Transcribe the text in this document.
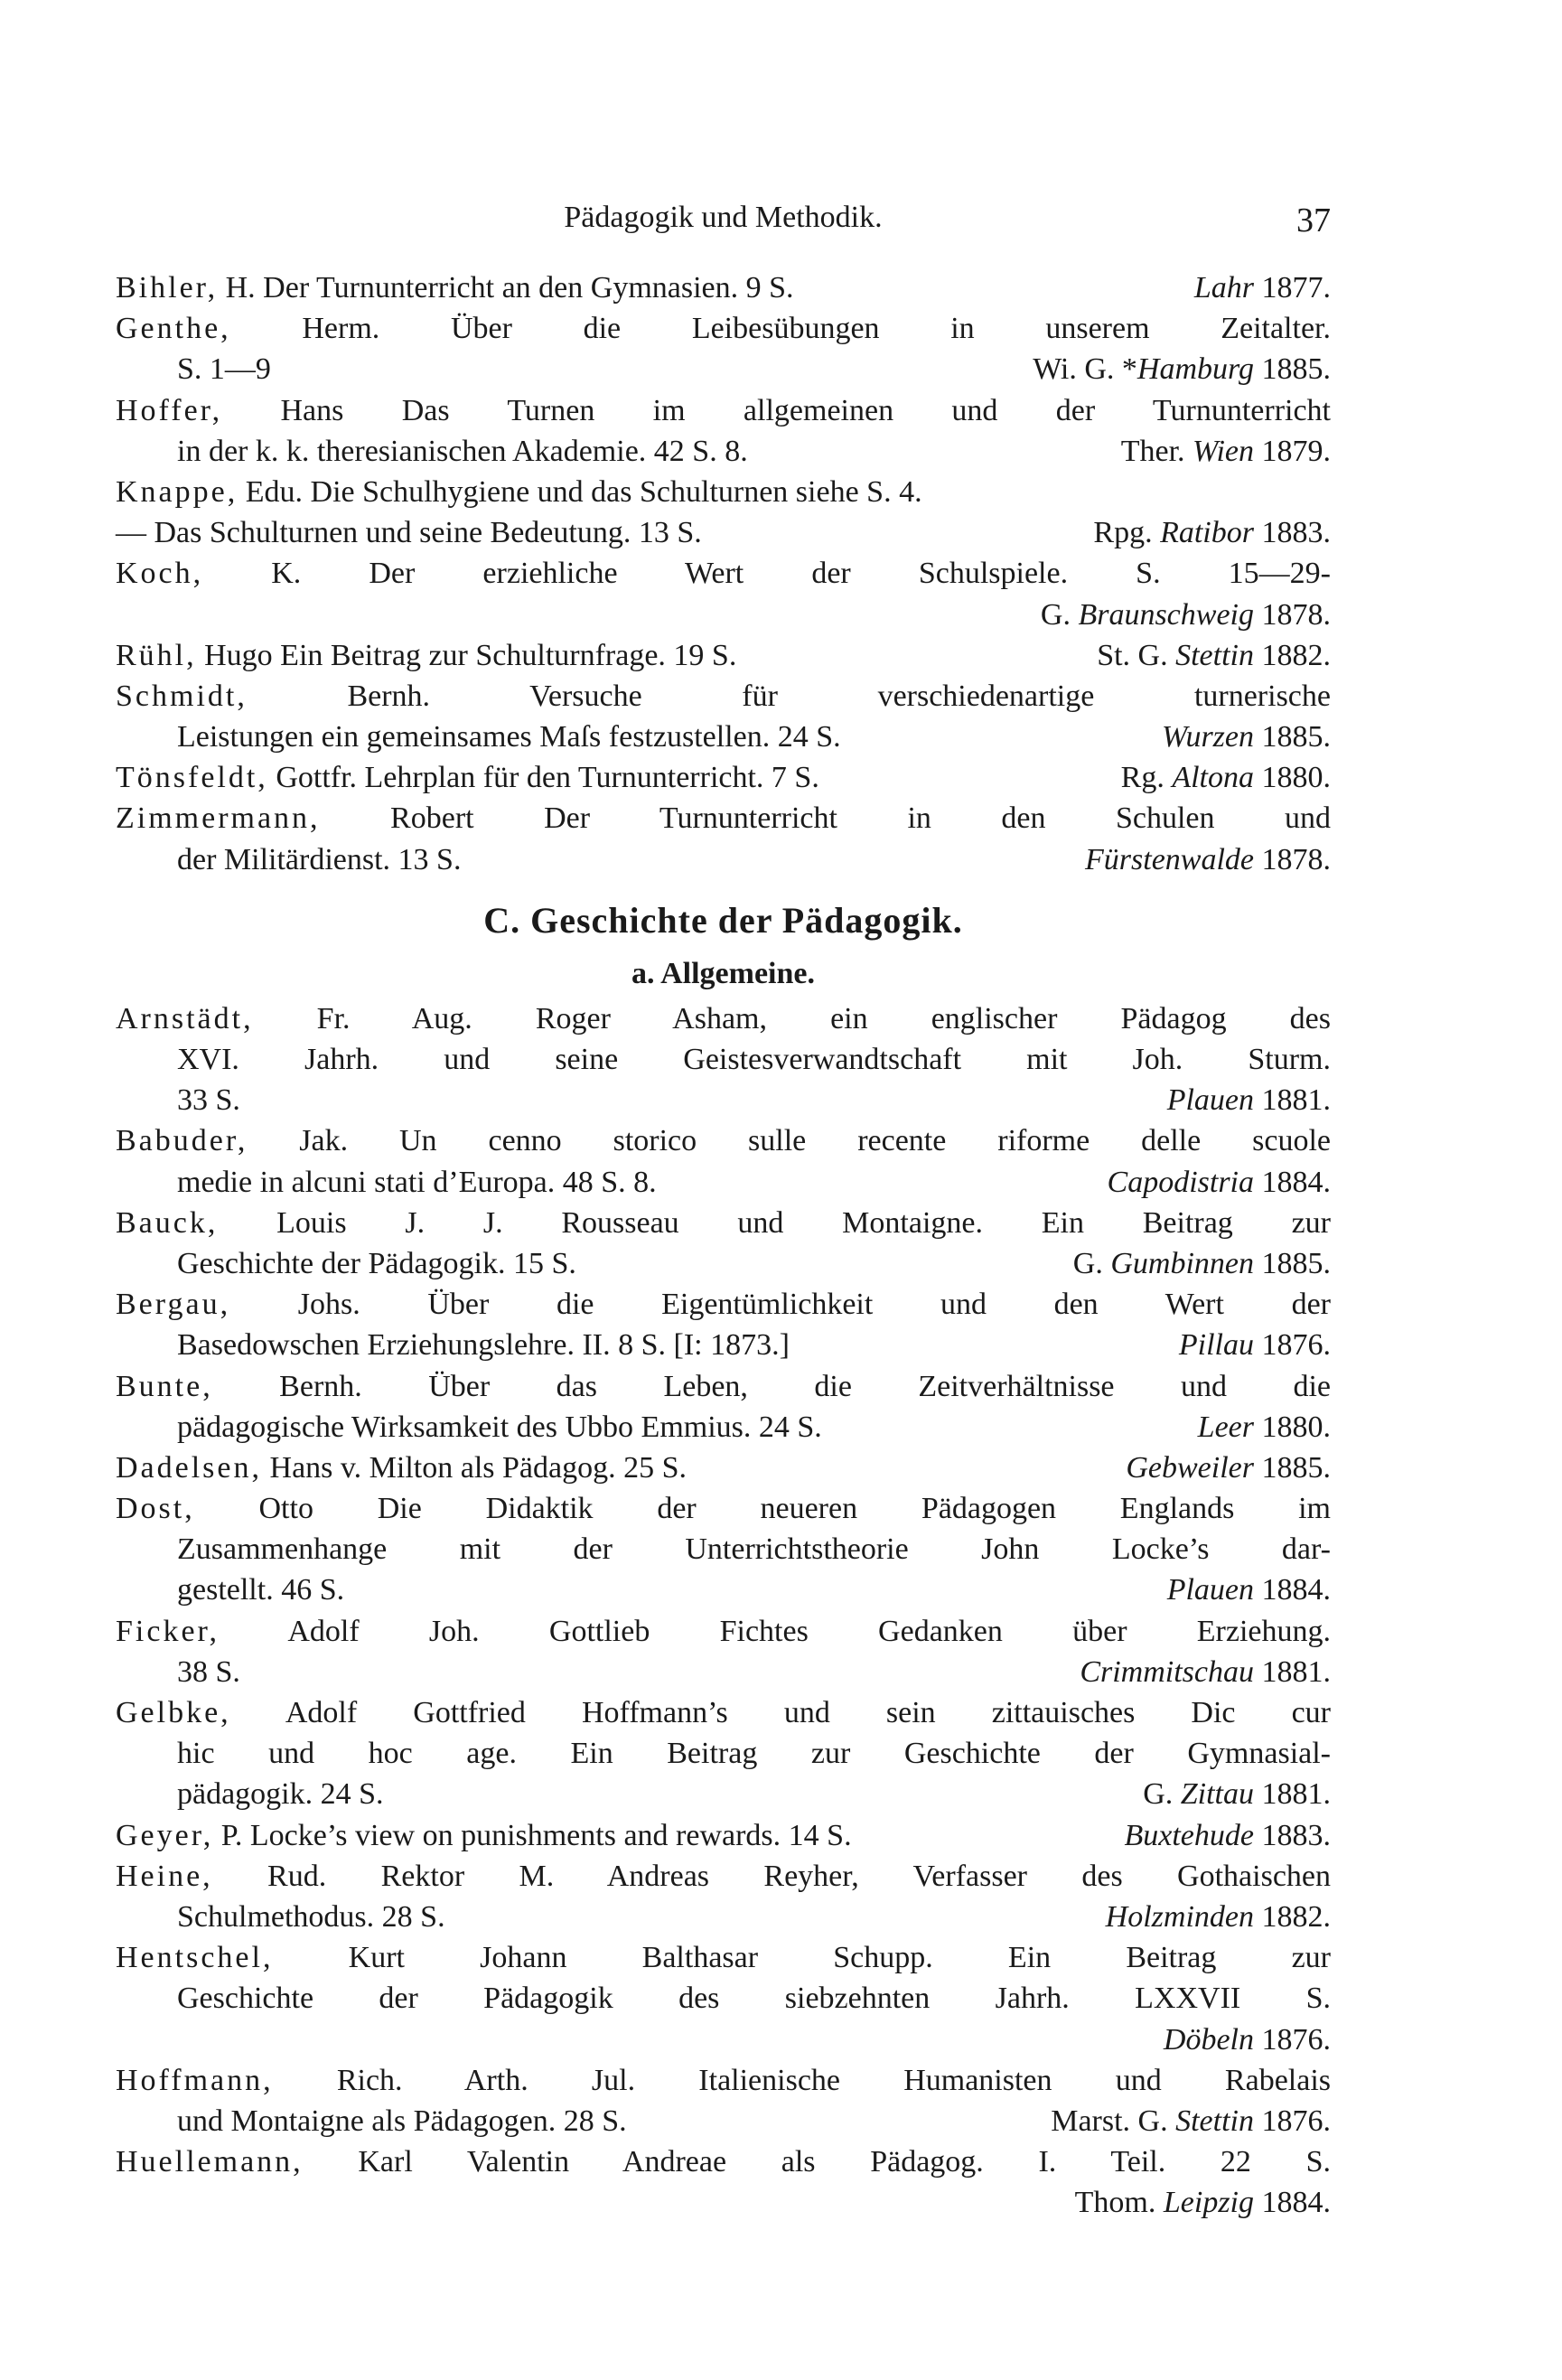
Pädagogik und Methodik.	37
Bihler, H. Der Turnunterricht an den Gymnasien. 9 S.	Lahr 1877.
Genthe, Herm. Über die Leibesübungen in unserem Zeitalter.
S. 1—9	Wi. G. *Hamburg 1885.
Hoffer, Hans Das Turnen im allgemeinen und der Turnunterricht
in der k. k. theresianischen Akademie. 42 S. 8.	Ther. Wien 1879.
Knappe, Edu. Die Schulhygiene und das Schulturnen siehe S. 4.
— Das Schulturnen und seine Bedeutung. 13 S.	Rpg. Ratibor 1883.
Koch, K. Der erziehliche Wert der Schulspiele. S. 15—29-
G. Braunschweig 1878.
Rühl, Hugo Ein Beitrag zur Schulturnfrage. 19 S.	St. G. Stettin 1882.
Schmidt, Bernh. Versuche für verschiedenartige turnerische
Leistungen ein gemeinsames Maſs festzustellen. 24 S.	Wurzen 1885.
Tönsfeldt, Gottfr. Lehrplan für den Turnunterricht. 7 S.	Rg. Altona 1880.
Zimmermann, Robert Der Turnunterricht in den Schulen und
der Militärdienst. 13 S.	Fürstenwalde 1878.
C. Geschichte der Pädagogik.
a. Allgemeine.
Arnstädt, Fr. Aug. Roger Asham, ein englischer Pädagog des
XVI. Jahrh. und seine Geistesverwandtschaft mit Joh. Sturm.
33 S.	Plauen 1881.
Babuder, Jak. Un cenno storico sulle recente riforme delle scuole
medie in alcuni stati d’Europa. 48 S. 8.	Capodistria 1884.
Bauck, Louis J. J. Rousseau und Montaigne. Ein Beitrag zur
Geschichte der Pädagogik. 15 S.	G. Gumbinnen 1885.
Bergau, Johs. Über die Eigentümlichkeit und den Wert der
Basedowschen Erziehungslehre. II. 8 S. [I: 1873.]	Pillau 1876.
Bunte, Bernh. Über das Leben, die Zeitverhältnisse und die
pädagogische Wirksamkeit des Ubbo Emmius. 24 S.	Leer 1880.
Dadelsen, Hans v. Milton als Pädagog. 25 S.	Gebweiler 1885.
Dost, Otto Die Didaktik der neueren Pädagogen Englands im
Zusammenhange mit der Unterrichtstheorie John Locke’s dar-
gestellt. 46 S.	Plauen 1884.
Ficker, Adolf Joh. Gottlieb Fichtes Gedanken über Erziehung.
38 S.	Crimmitschau 1881.
Gelbke, Adolf Gottfried Hoffmann’s und sein zittauisches Dic cur
hic und hoc age. Ein Beitrag zur Geschichte der Gymnasial-
pädagogik. 24 S.	G. Zittau 1881.
Geyer, P. Locke’s view on punishments and rewards. 14 S.	Buxtehude 1883.
Heine, Rud. Rektor M. Andreas Reyher, Verfasser des Gothaischen
Schulmethodus. 28 S.	Holzminden 1882.
Hentschel, Kurt Johann Balthasar Schupp. Ein Beitrag zur
Geschichte der Pädagogik des siebzehnten Jahrh. LXXVII S.
Döbeln 1876.
Hoffmann, Rich. Arth. Jul. Italienische Humanisten und Rabelais
und Montaigne als Pädagogen. 28 S.	Marst. G. Stettin 1876.
Huellemann, Karl Valentin Andreae als Pädagog. I. Teil. 22 S.
Thom. Leipzig 1884.
